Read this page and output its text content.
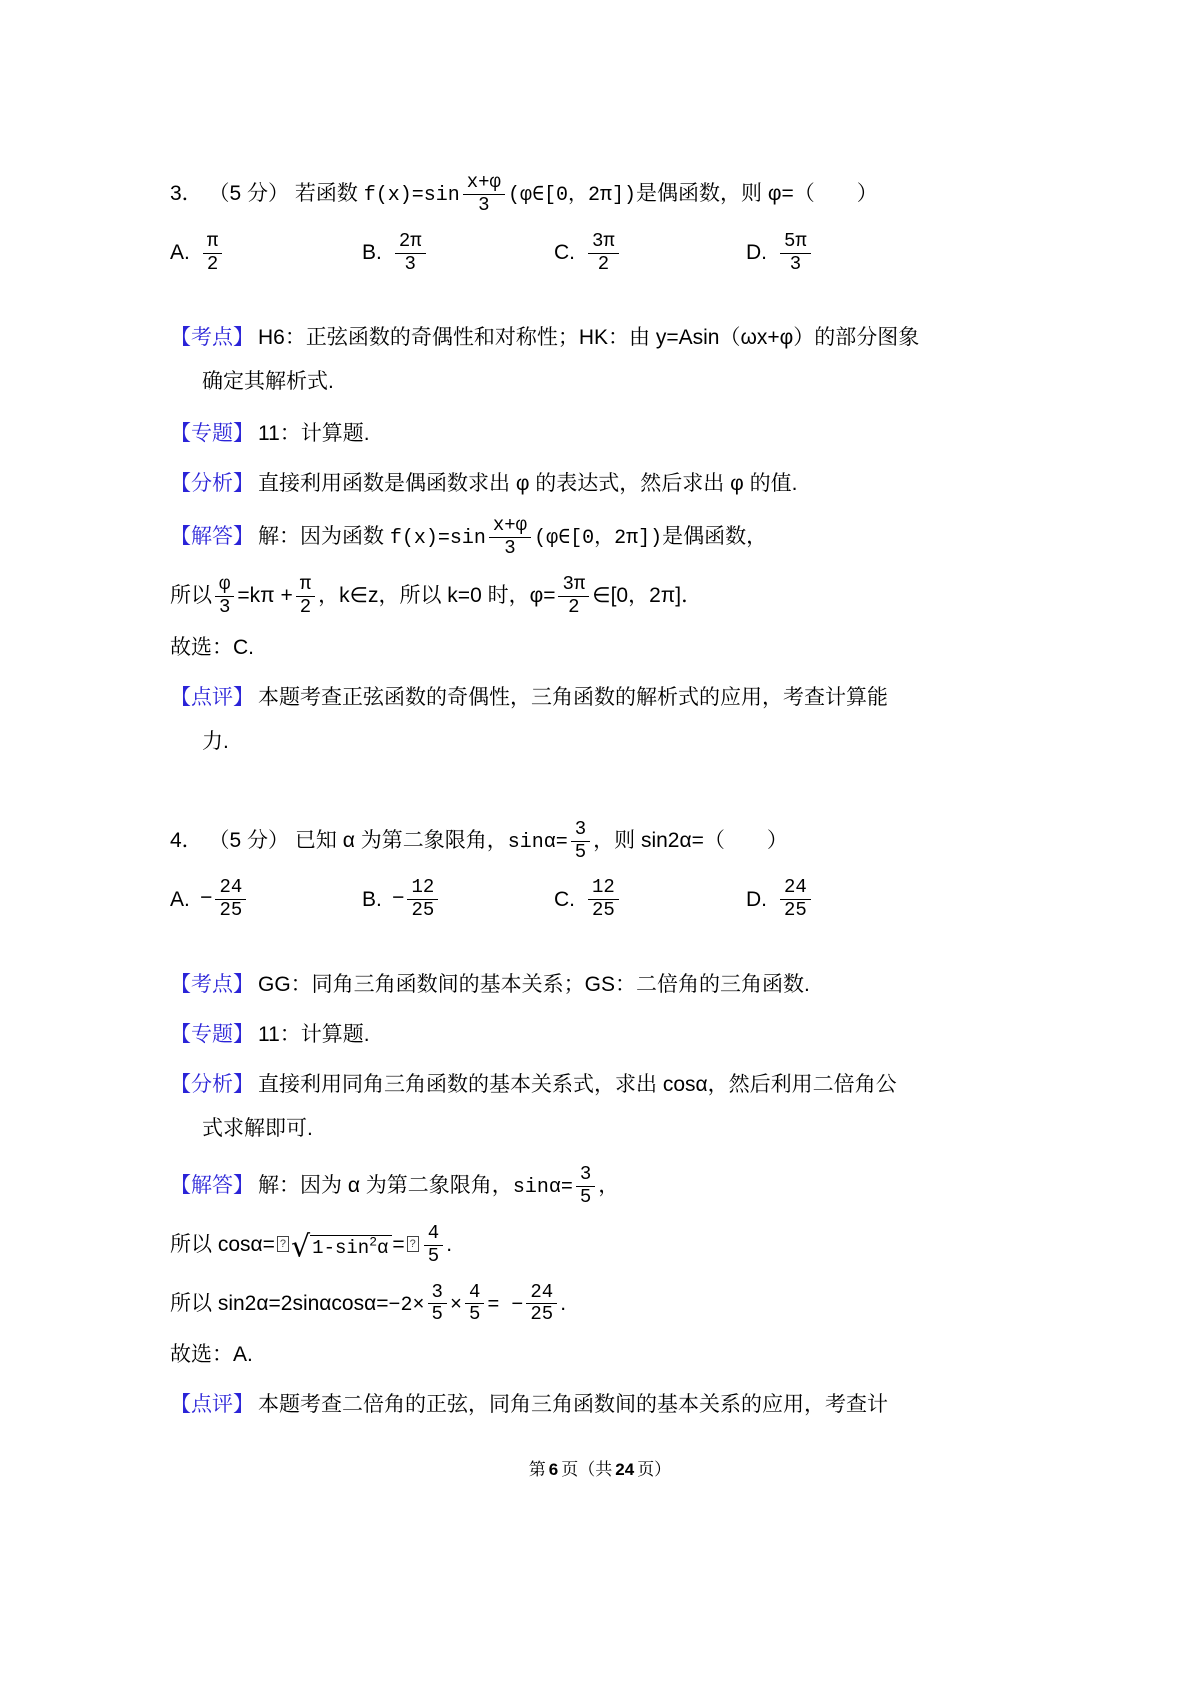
3． （5 分） 若函数 $f(x)=\sin \frac{x+\varphi}{3}$ (φ∈[0，2π])是偶函数，则 φ=（　　）
A. $\frac{\pi}{2}$	B. $\frac{2\pi}{3}$	C. $\frac{3\pi}{2}$	D. $\frac{5\pi}{3}$
【考点】 H6：正弦函数的奇偶性和对称性；HK：由 y=Asin（ωx+φ）的部分图象
确定其解析式.
【专题】 11：计算题.
【分析】 直接利用函数是偶函数求出 φ 的表达式，然后求出 φ 的值.
【解答】 解：因为函数 $f(x)=\sin \frac{x+\varphi}{3}$ (φ∈[0，2π])是偶函数，
所以 $\frac{\varphi}{3} =k\pi + \frac{\pi}{2}$ ，k∈z，所以 k=0 时，$\varphi= \frac{3\pi}{2}$ ∈[0，2π]．
故选：C.
【点评】 本题考查正弦函数的奇偶性，三角函数的解析式的应用，考查计算能
力.
4． （5 分） 已知 α 为第二象限角，$\sin\alpha= \frac{3}{5}$ ，则 sin2α=（　　）
A. − $\frac{24}{25}$	B. − $\frac{12}{25}$	C. $\frac{12}{25}$	D. $\frac{24}{25}$
【考点】 GG：同角三角函数间的基本关系；GS：二倍角的三角函数.
【专题】 11：计算题.
【分析】 直接利用同角三角函数的基本关系式，求出 cosα，然后利用二倍角公
式求解即可.
【解答】 解：因为 α 为第二象限角，$\sin\alpha= \frac{3}{5}$ ，
所以 cosα= ? √ $1-\sin^2\alpha$ = ? $\frac{4}{5}$ .
所以 $\sin 2\alpha=2\sin\alpha\cos\alpha=-2\times \frac{3}{5} \times \frac{4}{5}$ = − $\frac{24}{25}$ .
故选：A.
【点评】 本题考查二倍角的正弦，同角三角函数间的基本关系的应用，考查计
第 6 页（共 24 页）
